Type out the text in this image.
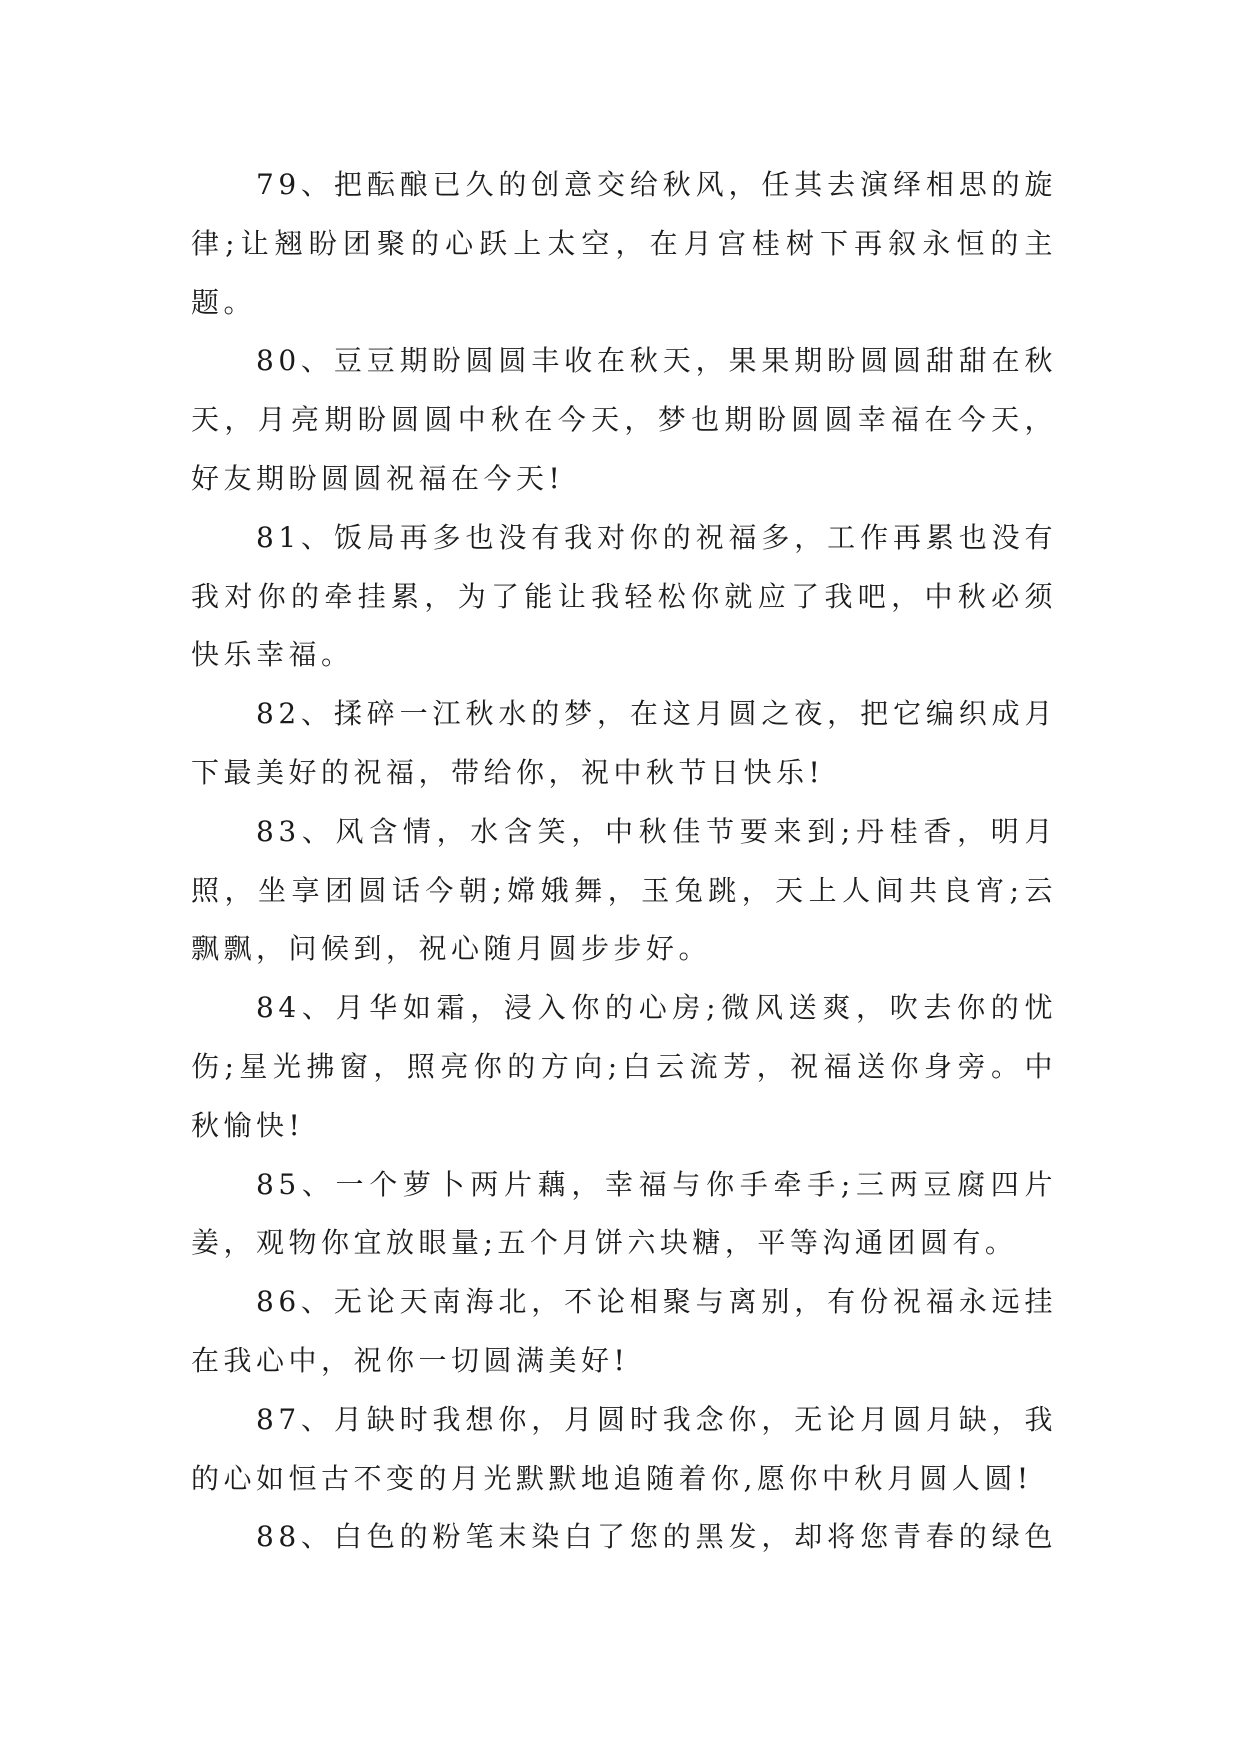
79、把酝酿已久的创意交给秋风，任其去演绎相思的旋
律;让翘盼团聚的心跃上太空，在月宫桂树下再叙永恒的主
题。
80、豆豆期盼圆圆丰收在秋天，果果期盼圆圆甜甜在秋
天，月亮期盼圆圆中秋在今天，梦也期盼圆圆幸福在今天，
好友期盼圆圆祝福在今天!
81、饭局再多也没有我对你的祝福多，工作再累也没有
我对你的牵挂累，为了能让我轻松你就应了我吧，中秋必须
快乐幸福。
82、揉碎一江秋水的梦，在这月圆之夜，把它编织成月
下最美好的祝福，带给你，祝中秋节日快乐!
83、风含情，水含笑，中秋佳节要来到;丹桂香，明月
照，坐享团圆话今朝;嫦娥舞，玉兔跳，天上人间共良宵;云
飘飘，问候到，祝心随月圆步步好。
84、月华如霜，浸入你的心房;微风送爽，吹去你的忧
伤;星光拂窗，照亮你的方向;白云流芳，祝福送你身旁。中
秋愉快!
85、一个萝卜两片藕，幸福与你手牵手;三两豆腐四片
姜，观物你宜放眼量;五个月饼六块糖，平等沟通团圆有。
86、无论天南海北，不论相聚与离别，有份祝福永远挂
在我心中，祝你一切圆满美好!
87、月缺时我想你，月圆时我念你，无论月圆月缺，我
的心如恒古不变的月光默默地追随着你,愿你中秋月圆人圆!
88、白色的粉笔末染白了您的黑发，却将您青春的绿色
